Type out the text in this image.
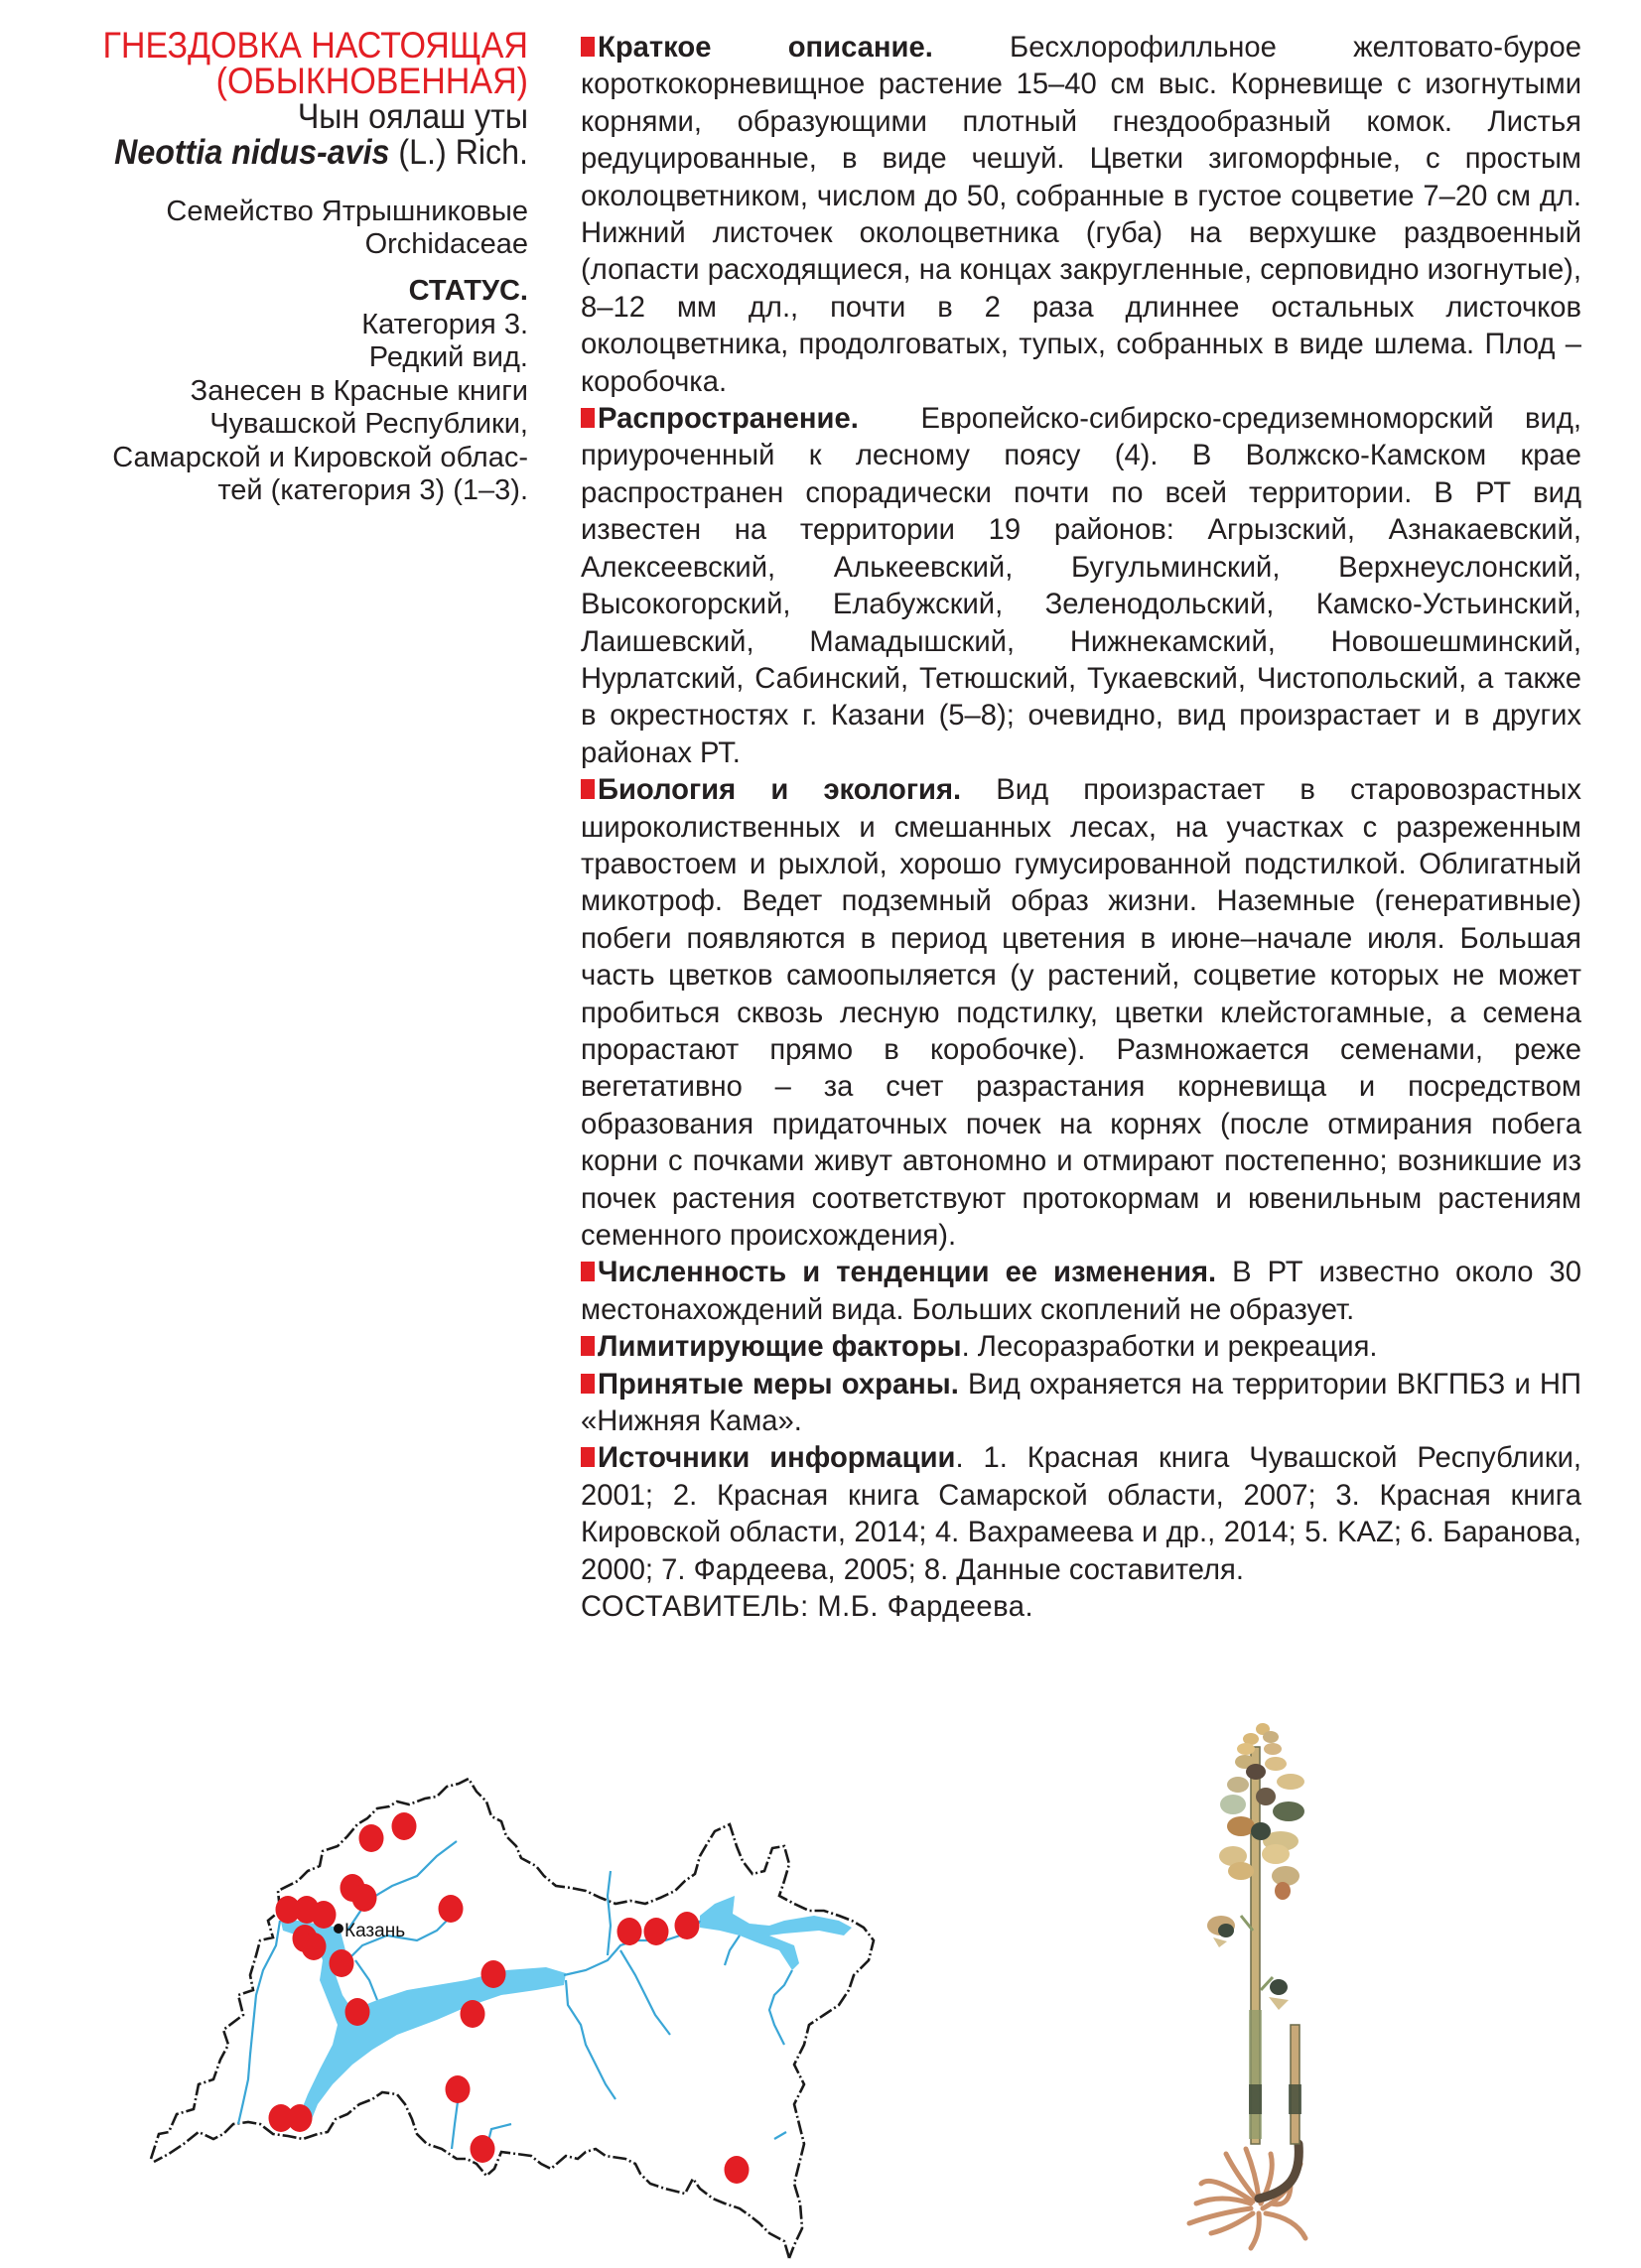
ГНЕЗДОВКА НАСТОЯЩАЯ
(ОБЫКНОВЕННАЯ)
Чын оялаш уты
Neottia nidus-avis (L.) Rich.
Семейство Ятрышниковые
Orchidaceae
СТАТУС.
Категория 3.
Редкий вид.
Занесен в Красные книги
Чувашской Республики,
Самарской и Кировской облас-
тей (категория 3) (1–3).

Краткое описание. Бесхлорофилльное желтовато-бурое короткокорневищное растение 15–40 см выс. Корневище с изогнутыми корнями, образующими плотный гнездообразный комок. Листья редуцированные, в виде чешуй. Цветки зигоморфные, с простым околоцветником, числом до 50, собранные в густое соцветие 7–20 см дл. Нижний листочек околоцветника (губа) на верхушке раздвоенный (лопасти расходящиеся, на концах закругленные, серповидно изогнутые), 8–12 мм дл., почти в 2 раза длиннее остальных листочков околоцветника, продолговатых, тупых, собранных в виде шлема. Плод – коробочка.

Распространение.  Европейско-сибирско-средиземноморский вид, приуроченный к лесному поясу (4). В Волжско-Камском крае распространен спорадически почти по всей территории. В РТ вид известен на территории 19 районов: Агрызский, Азнакаевский, Алексеевский, Алькеевский, Бугульминский, Верхнеуслонский, Высокогорский, Елабужский, Зеленодольский, Камско-Устьинский, Лаишевский, Мамадышский, Нижнекамский, Новошешминский, Нурлатский, Сабинский, Тетюшский, Тукаевский, Чистопольский, а также в окрестностях г. Казани (5–8); очевидно, вид произрастает и в других районах РТ.

Биология и экология. Вид произрастает в старовозрастных широколиственных и смешанных лесах, на участках с разреженным травостоем и рыхлой, хорошо гумусированной подстилкой. Облигатный микотроф. Ведет подземный образ жизни. Наземные (генеративные) побеги появляются в период цветения в июне–начале июля. Большая часть цветков самоопыляется (у растений, соцветие которых не может пробиться сквозь лесную подстилку, цветки клейстогамные, а семена прорастают прямо в коробочке). Размножается семенами, реже вегетативно – за счет разрастания корневища и посредством образования придаточных почек на корнях (после отмирания побега корни с почками живут автономно и отмирают постепенно; возникшие из почек растения соответствуют протокормам и ювенильным растениям семенного происхождения).

Численность и тенденции ее изменения. В РТ известно около 30 местонахождений вида. Больших скоплений не образует.

Лимитирующие факторы. Лесоразработки и рекреация.

Принятые меры охраны. Вид охраняется на территории ВКГПБЗ и НП «Нижняя Кама».

Источники информации. 1. Красная книга Чувашской Республики, 2001; 2. Красная книга Самарской области, 2007; 3. Красная книга Кировской области, 2014; 4. Вахрамеева и др., 2014; 5. KAZ; 6. Баранова, 2000; 7. Фардеева, 2005; 8. Данные составителя.

СОСТАВИТЕЛЬ: М.Б. Фардеева.

Казань
